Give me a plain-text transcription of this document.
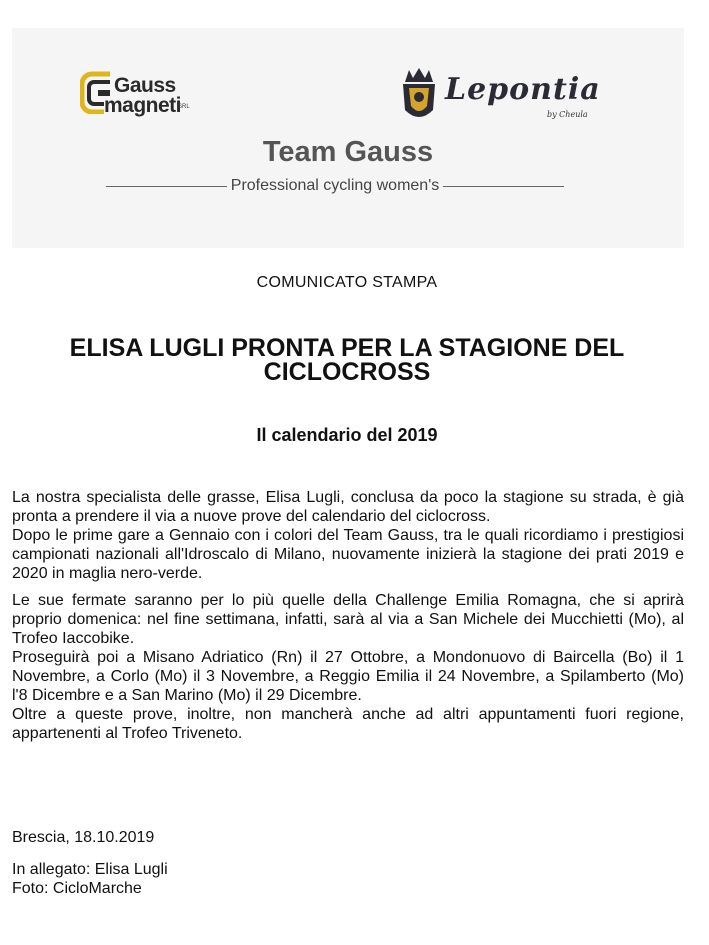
Gauss
magneti
SRL	Lepontia
by Cheula
Team Gauss
Professional cycling women's
COMUNICATO STAMPA
ELISA LUGLI PRONTA PER LA STAGIONE DEL CICLOCROSS
Il calendario del 2019

La nostra specialista delle grasse, Elisa Lugli, conclusa da poco la stagione su strada, è già pronta a prendere il via a nuove prove del calendario del ciclocross.

Dopo le prime gare a Gennaio con i colori del Team Gauss, tra le quali ricordiamo i prestigiosi campionati nazionali all'Idroscalo di Milano, nuovamente inizierà la stagione dei prati 2019 e 2020 in maglia nero-verde.

Le sue fermate saranno per lo più quelle della Challenge Emilia Romagna, che si aprirà proprio domenica: nel fine settimana, infatti, sarà al via a San Michele dei Mucchietti (Mo), al Trofeo Iaccobike.

Proseguirà poi a Misano Adriatico (Rn) il 27 Ottobre, a Mondonuovo di Baircella (Bo) il 1 Novembre, a Corlo (Mo) il 3 Novembre, a Reggio Emilia il 24 Novembre, a Spilamberto (Mo) l'8 Dicembre e a San Marino (Mo) il 29 Dicembre.

Oltre a queste prove, inoltre, non mancherà anche ad altri appuntamenti fuori regione, appartenenti al Trofeo Triveneto.

Brescia, 18.10.2019

In allegato: Elisa Lugli
Foto: CicloMarche
